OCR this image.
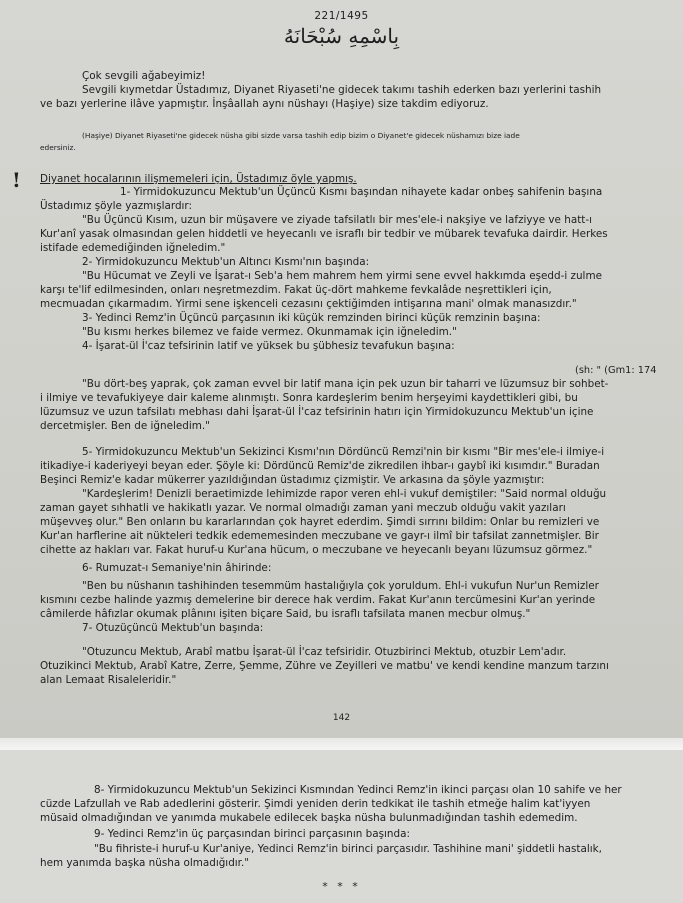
221/1495
بِاسْمِهِ سُبْحَانَهُ
Çok sevgili ağabeyimiz!
Sevgili kıymetdar Üstadımız, Diyanet Riyaseti'ne gidecek takımı tashih ederken bazı yerlerini tashih
ve bazı yerlerine ilâve yapmıştır. İnşâallah aynı nüshayı (Haşiye) size takdim ediyoruz.
(Haşiye) Diyanet Riyaseti'ne gidecek nüsha gibi sizde varsa tashih edip bizim o Diyanet'e gidecek nüshamızı bize iade
edersiniz.
! Diyanet hocalarının ilişmemeleri için, Üstadımız öyle yapmış.
1- Yirmidokuzuncu Mektub'un Üçüncü Kısmı başından nihayete kadar onbeş sahifenin başına
Üstadımız şöyle yazmışlardır:
"Bu Üçüncü Kısım, uzun bir müşavere ve ziyade tafsilatlı bir mes'ele-i nakşiye ve lafziyye ve hatt-ı
Kur'anî yasak olmasından gelen hiddetli ve heyecanlı ve israflı bir tedbir ve mübarek tevafuka dairdir. Herkes
istifade edemediğinden iğneledim."
2- Yirmidokuzuncu Mektub'un Altıncı Kısmı'nın başında:
"Bu Hücumat ve Zeyli ve İşarat-ı Seb'a hem mahrem hem yirmi sene evvel hakkımda eşedd-i zulme
karşı te'lif edilmesinden, onları neşretmezdim. Fakat üç-dört mahkeme fevkalâde neşrettikleri için,
mecmuadan çıkarmadım. Yirmi sene işkenceli cezasını çektiğimden intişarına mani' olmak manasızdır."
3- Yedinci Remz'in Üçüncü parçasının iki küçük remzinden birinci küçük remzinin başına:
"Bu kısmı herkes bilemez ve faide vermez. Okunmamak için iğneledim."
4- İşarat-ül İ'caz tefsirinin latif ve yüksek bu şübhesiz tevafukun başına:
"Bu dört-beş yaprak, çok zaman evvel bir latif mana için pek uzun bir taharri ve lüzumsuz bir sohbet-
i ilmiye ve tevafukiyeye dair kaleme alınmıştı. Sonra kardeşlerim benim herşeyimi kaydettikleri gibi, bu
lüzumsuz ve uzun tafsilatı mebhası dahi İşarat-ül İ'caz tefsirinin hatırı için Yirmidokuzuncu Mektub'un içine
dercetmişler. Ben de iğneledim."
5- Yirmidokuzuncu Mektub'un Sekizinci Kısmı'nın Dördüncü Remzi'nin bir kısmı "Bir mes'ele-i ilmiye-i
itikadiye-i kaderiyeyi beyan eder. Şöyle ki: Dördüncü Remiz'de zikredilen ihbar-ı gaybî iki kısımdır." Buradan
Beşinci Remiz'e kadar mükerrer yazıldığından üstadımız çizmiştir. Ve arkasına da şöyle yazmıştır:
"Kardeşlerim! Denizli beraetimizde lehimizde rapor veren ehl-i vukuf demiştiler: "Said normal olduğu
zaman gayet sıhhatli ve hakikatlı yazar. Ve normal olmadığı zaman yani meczub olduğu vakit yazıları
müşevveş olur." Ben onların bu kararlarından çok hayret ederdim. Şimdi sırrını bildim: Onlar bu remizleri ve
Kur'an harflerine ait nükteleri tedkik edememesinden meczubane ve gayr-ı ilmî bir tafsilat zannetmişler. Bir
cihette az hakları var. Fakat huruf-u Kur'ana hücum, o meczubane ve heyecanlı beyanı lüzumsuz görmez."
6- Rumuzat-ı Semaniye'nin âhirinde:
"Ben bu nüshanın tashihinden tesemmüm hastalığıyla çok yoruldum. Ehl-i vukufun Nur'un Remizler
kısmını cezbe halinde yazmış demelerine bir derece hak verdim. Fakat Kur'anın tercümesini Kur'an yerinde
câmilerde hâfızlar okumak plânını işiten biçare Said, bu israflı tafsilata manen mecbur olmuş."
7- Otuzüçüncü Mektub'un başında:
"Otuzuncu Mektub, Arabî matbu İşarat-ül İ'caz tefsiridir. Otuzbirinci Mektub, otuzbir Lem'adır.
Otuzikinci Mektub, Arabî Katre, Zerre, Şemme, Zühre ve Zeyilleri ve matbu' ve kendi kendine manzum tarzını
alan Lemaat Risaleleridir."
(sh: " (Gm1: 174
142
8- Yirmidokuzuncu Mektub'un Sekizinci Kısmından Yedinci Remz'in ikinci parçası olan 10 sahife ve her
cüzde Lafzullah ve Rab adedlerini gösterir. Şimdi yeniden derin tedkikat ile tashih etmeğe halim kat'iyyen
müsaid olmadığından ve yanımda mukabele edilecek başka nüsha bulunmadığından tashih edemedim.
9- Yedinci Remz'in üç parçasından birinci parçasının başında:
"Bu fihriste-i huruf-u Kur'aniye, Yedinci Remz'in birinci parçasıdır. Tashihine mani' şiddetli hastalık,
hem yanımda başka nüsha olmadığıdır."
* * *
